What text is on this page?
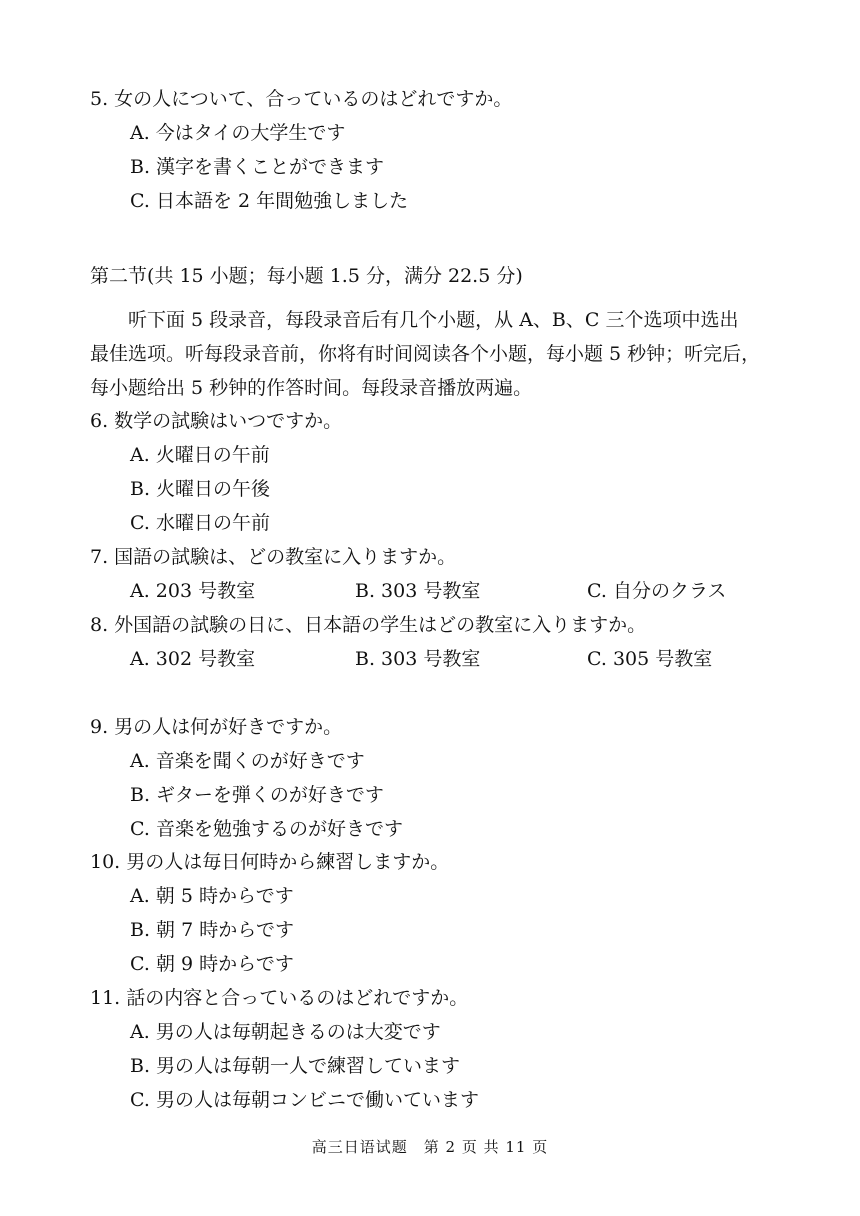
5. 女の人について、合っているのはどれですか。
A. 今はタイの大学生です
B. 漢字を書くことができます
C. 日本語を 2 年間勉強しました
第二节(共 15 小题；每小题 1.5 分，满分 22.5 分)
听下面 5 段录音，每段录音后有几个小题，从 A、B、C 三个选项中选出
最佳选项。听每段录音前，你将有时间阅读各个小题，每小题 5 秒钟；听完后，
每小题给出 5 秒钟的作答时间。每段录音播放两遍。
6. 数学の試験はいつですか。
A. 火曜日の午前
B. 火曜日の午後
C. 水曜日の午前
7. 国語の試験は、どの教室に入りますか。
A. 203 号教室	B. 303 号教室	C. 自分のクラス
8. 外国語の試験の日に、日本語の学生はどの教室に入りますか。
A. 302 号教室	B. 303 号教室	C. 305 号教室
9. 男の人は何が好きですか。
A. 音楽を聞くのが好きです
B. ギターを弾くのが好きです
C. 音楽を勉強するのが好きです
10. 男の人は毎日何時から練習しますか。
A. 朝 5 時からです
B. 朝 7 時からです
C. 朝 9 時からです
11. 話の内容と合っているのはどれですか。
A. 男の人は毎朝起きるのは大変です
B. 男の人は毎朝一人で練習しています
C. 男の人は毎朝コンビニで働いています
高三日语试题　第 2 页 共 11 页
